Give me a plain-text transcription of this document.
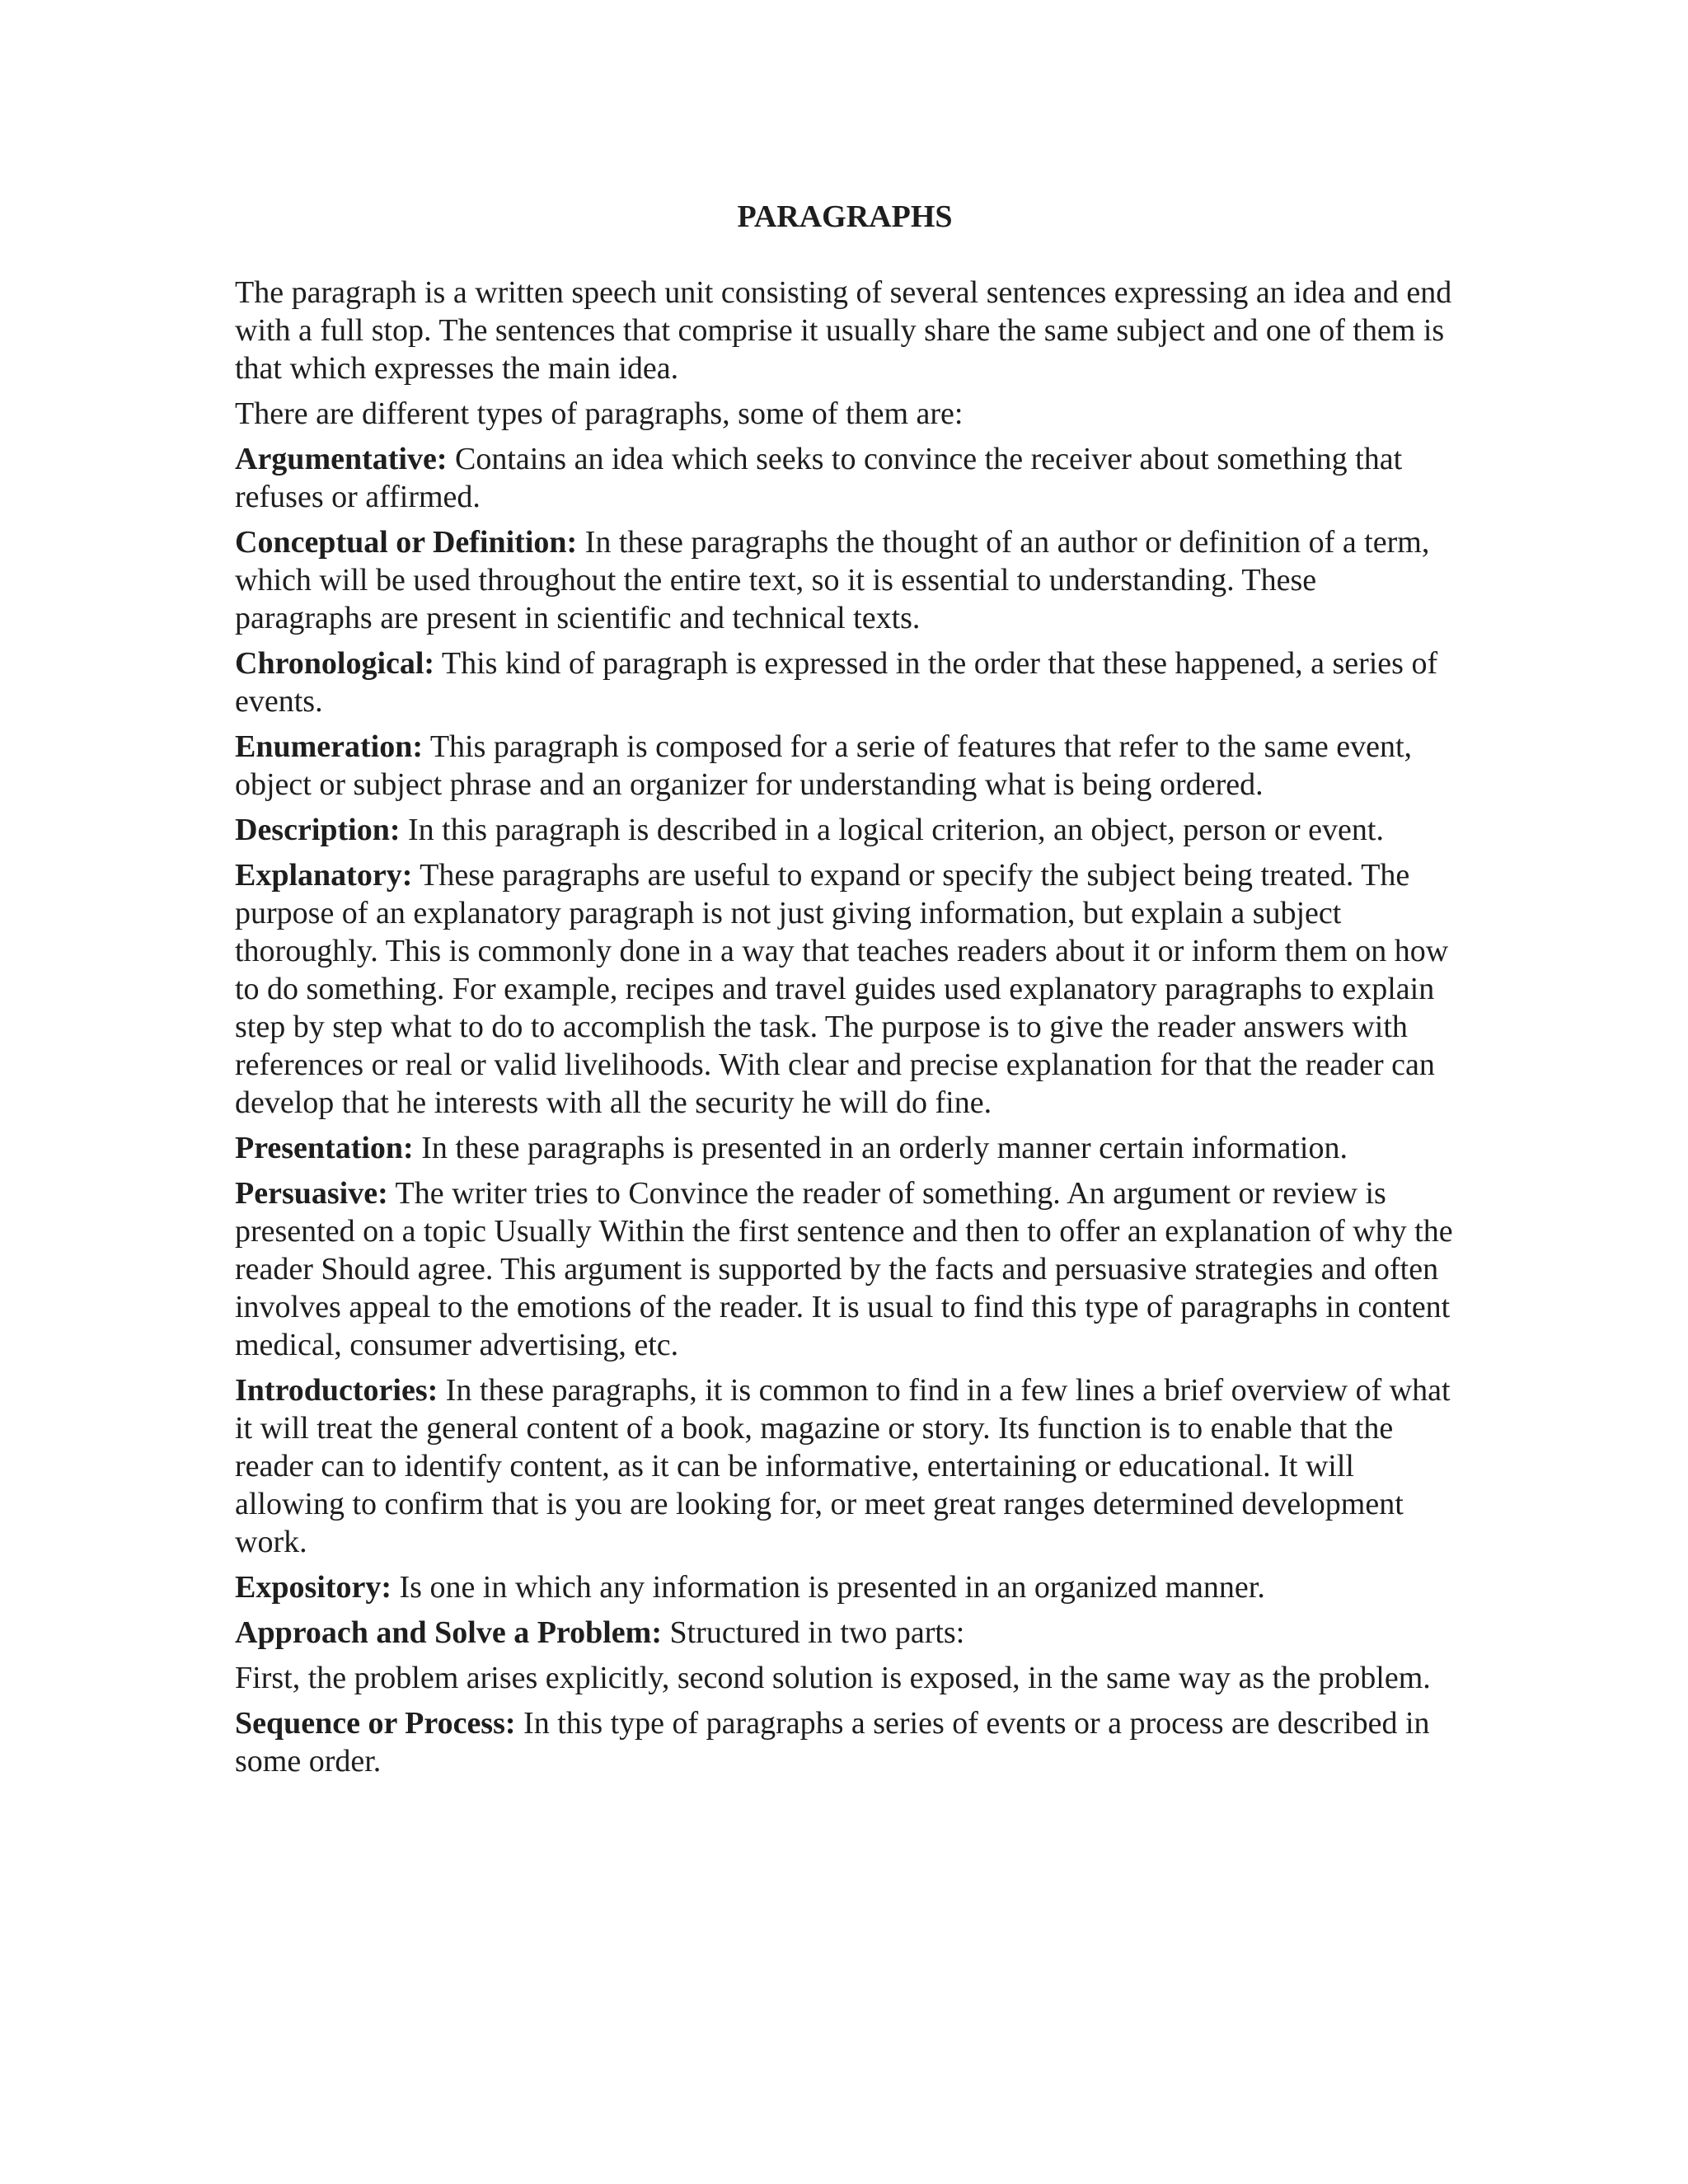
PARAGRAPHS

The paragraph is a written speech unit consisting of several sentences expressing an idea and end with a full stop. The sentences that comprise it usually share the same subject and one of them is that which expresses the main idea.

There are different types of paragraphs, some of them are:

Argumentative: Contains an idea which seeks to convince the receiver about something that refuses or affirmed.

Conceptual or Definition: In these paragraphs the thought of an author or definition of a term, which will be used throughout the entire text, so it is essential to understanding. These paragraphs are present in scientific and technical texts.

Chronological: This kind of paragraph is expressed in the order that these happened, a series of events.

Enumeration: This paragraph is composed for a serie of features that refer to the same event, object or subject phrase and an organizer for understanding what is being ordered.

Description: In this paragraph is described in a logical criterion, an object, person or event.

Explanatory: These paragraphs are useful to expand or specify the subject being treated. The purpose of an explanatory paragraph is not just giving information, but explain a subject thoroughly. This is commonly done in a way that teaches readers about it or inform them on how to do something. For example, recipes and travel guides used explanatory paragraphs to explain step by step what to do to accomplish the task. The purpose is to give the reader answers with references or real or valid livelihoods. With clear and precise explanation for that the reader can develop that he interests with all the security he will do fine.

Presentation: In these paragraphs is presented in an orderly manner certain information.

Persuasive: The writer tries to Convince the reader of something. An argument or review is presented on a topic Usually Within the first sentence and then to offer an explanation of why the reader Should agree. This argument is supported by the facts and persuasive strategies and often involves appeal to the emotions of the reader. It is usual to find this type of paragraphs in content medical, consumer advertising, etc.

Introductories: In these paragraphs, it is common to find in a few lines a brief overview of what it will treat the general content of a book, magazine or story. Its function is to enable that the reader can to identify content, as it can be informative, entertaining or educational. It will allowing to confirm that is you are looking for, or meet great ranges determined development work.

Expository: Is one in which any information is presented in an organized manner.

Approach and Solve a Problem: Structured in two parts:

First, the problem arises explicitly, second solution is exposed, in the same way as the problem.

Sequence or Process: In this type of paragraphs a series of events or a process are described in some order.
